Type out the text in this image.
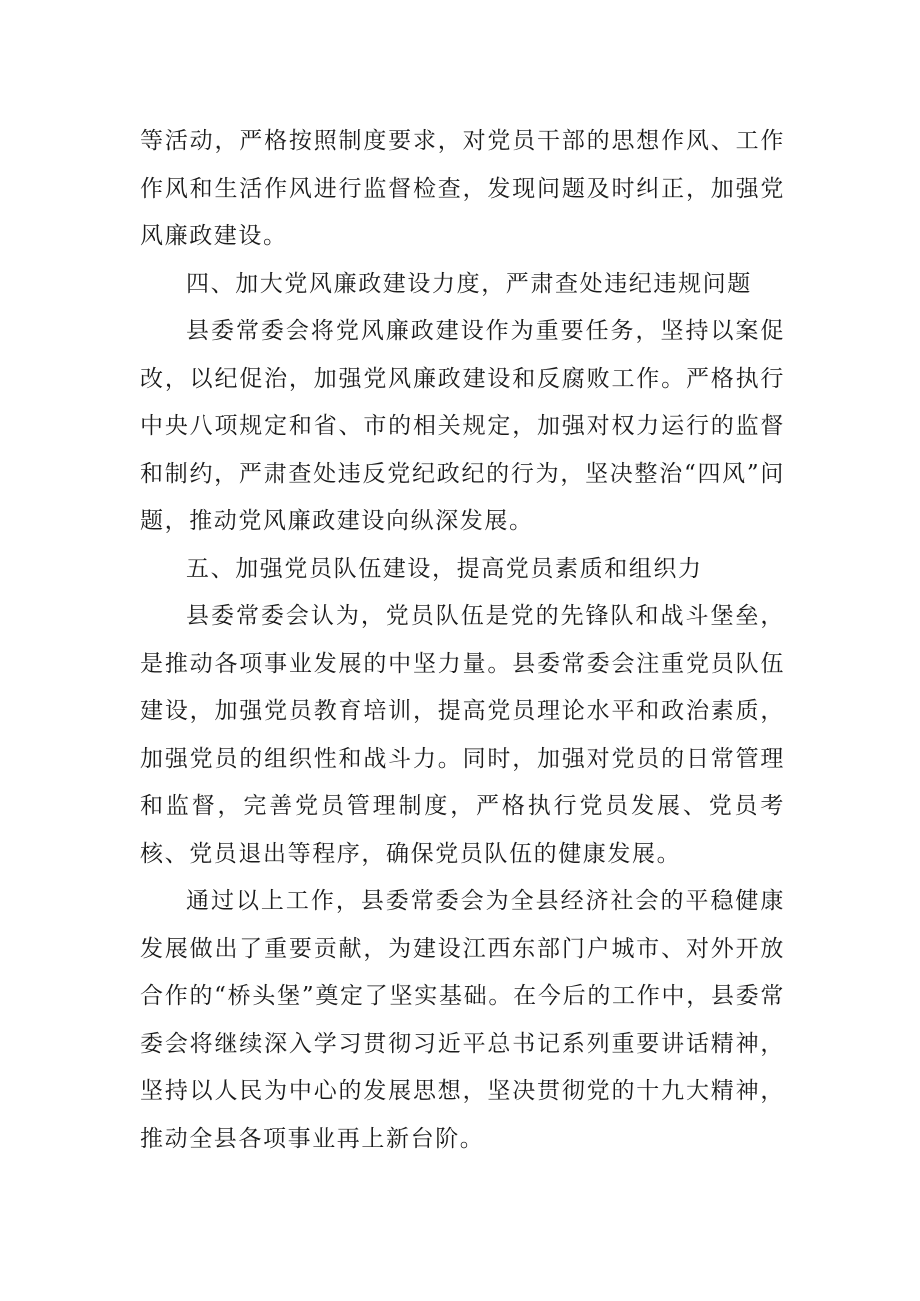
等活动，严格按照制度要求，对党员干部的思想作风、工作作风和生活作风进行监督检查，发现问题及时纠正，加强党风廉政建设。

四、加大党风廉政建设力度，严肃查处违纪违规问题

县委常委会将党风廉政建设作为重要任务，坚持以案促改，以纪促治，加强党风廉政建设和反腐败工作。严格执行中央八项规定和省、市的相关规定，加强对权力运行的监督和制约，严肃查处违反党纪政纪的行为，坚决整治“四风”问题，推动党风廉政建设向纵深发展。

五、加强党员队伍建设，提高党员素质和组织力

县委常委会认为，党员队伍是党的先锋队和战斗堡垒，是推动各项事业发展的中坚力量。县委常委会注重党员队伍建设，加强党员教育培训，提高党员理论水平和政治素质，加强党员的组织性和战斗力。同时，加强对党员的日常管理和监督，完善党员管理制度，严格执行党员发展、党员考核、党员退出等程序，确保党员队伍的健康发展。

通过以上工作，县委常委会为全县经济社会的平稳健康发展做出了重要贡献，为建设江西东部门户城市、对外开放合作的“桥头堡”奠定了坚实基础。在今后的工作中，县委常委会将继续深入学习贯彻习近平总书记系列重要讲话精神，坚持以人民为中心的发展思想，坚决贯彻党的十九大精神，推动全县各项事业再上新台阶。
